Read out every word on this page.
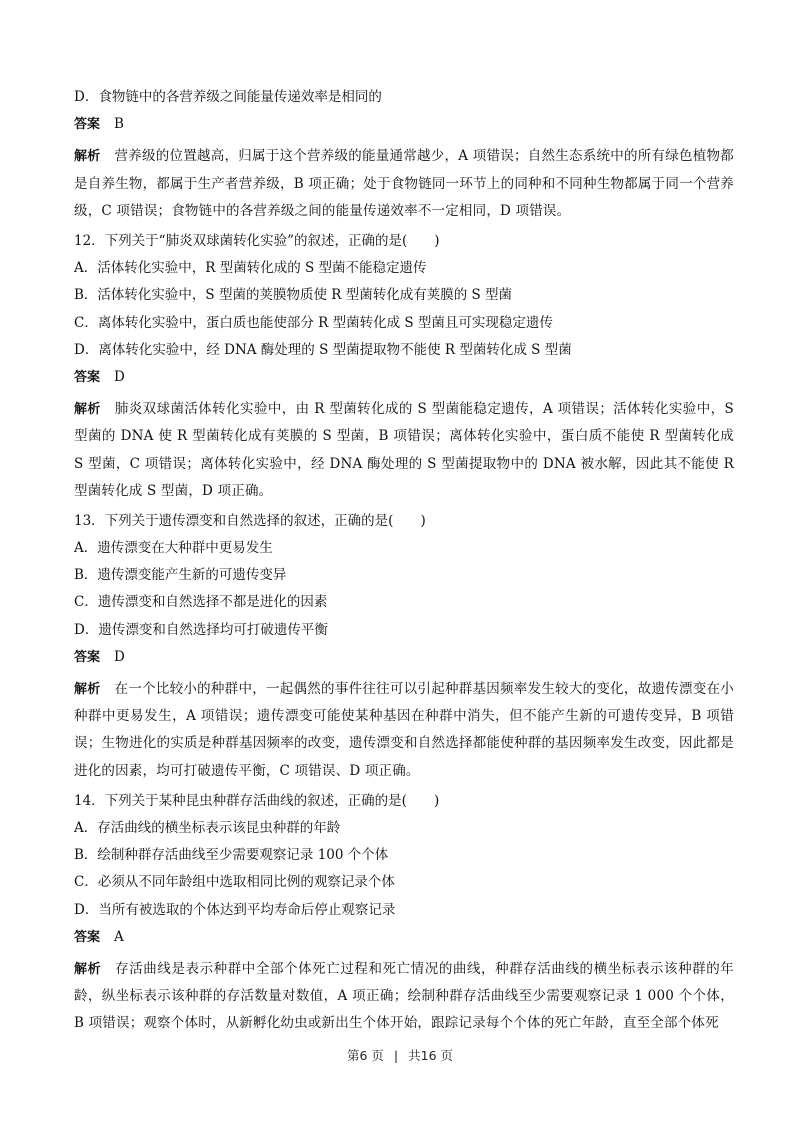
D．食物链中的各营养级之间能量传递效率是相同的
答案 B
解析 营养级的位置越高，归属于这个营养级的能量通常越少，A 项错误；自然生态系统中的所有绿色植物都是自养生物，都属于生产者营养级，B 项正确；处于食物链同一环节上的同种和不同种生物都属于同一个营养级，C 项错误；食物链中的各营养级之间的能量传递效率不一定相同，D 项错误。
12．下列关于“肺炎双球菌转化实验”的叙述，正确的是(　　)
A．活体转化实验中，R 型菌转化成的 S 型菌不能稳定遗传
B．活体转化实验中，S 型菌的荚膜物质使 R 型菌转化成有荚膜的 S 型菌
C．离体转化实验中，蛋白质也能使部分 R 型菌转化成 S 型菌且可实现稳定遗传
D．离体转化实验中，经 DNA 酶处理的 S 型菌提取物不能使 R 型菌转化成 S 型菌
答案 D
解析 肺炎双球菌活体转化实验中，由 R 型菌转化成的 S 型菌能稳定遗传，A 项错误；活体转化实验中，S 型菌的 DNA 使 R 型菌转化成有荚膜的 S 型菌，B 项错误；离体转化实验中，蛋白质不能使 R 型菌转化成 S 型菌，C 项错误；离体转化实验中，经 DNA 酶处理的 S 型菌提取物中的 DNA 被水解，因此其不能使 R 型菌转化成 S 型菌，D 项正确。
13．下列关于遗传漂变和自然选择的叙述，正确的是(　　)
A．遗传漂变在大种群中更易发生
B．遗传漂变能产生新的可遗传变异
C．遗传漂变和自然选择不都是进化的因素
D．遗传漂变和自然选择均可打破遗传平衡
答案 D
解析 在一个比较小的种群中，一起偶然的事件往往可以引起种群基因频率发生较大的变化，故遗传漂变在小种群中更易发生，A 项错误；遗传漂变可能使某种基因在种群中消失，但不能产生新的可遗传变异，B 项错误；生物进化的实质是种群基因频率的改变，遗传漂变和自然选择都能使种群的基因频率发生改变，因此都是进化的因素，均可打破遗传平衡，C 项错误、D 项正确。
14．下列关于某种昆虫种群存活曲线的叙述，正确的是(　　)
A．存活曲线的横坐标表示该昆虫种群的年龄
B．绘制种群存活曲线至少需要观察记录 100 个个体
C．必须从不同年龄组中选取相同比例的观察记录个体
D．当所有被选取的个体达到平均寿命后停止观察记录
答案 A
解析 存活曲线是表示种群中全部个体死亡过程和死亡情况的曲线，种群存活曲线的横坐标表示该种群的年龄，纵坐标表示该种群的存活数量对数值，A 项正确；绘制种群存活曲线至少需要观察记录 1 000 个个体，B 项错误；观察个体时，从新孵化幼虫或新出生个体开始，跟踪记录每个个体的死亡年龄，直至全部个体死
第6 页 | 共16 页
